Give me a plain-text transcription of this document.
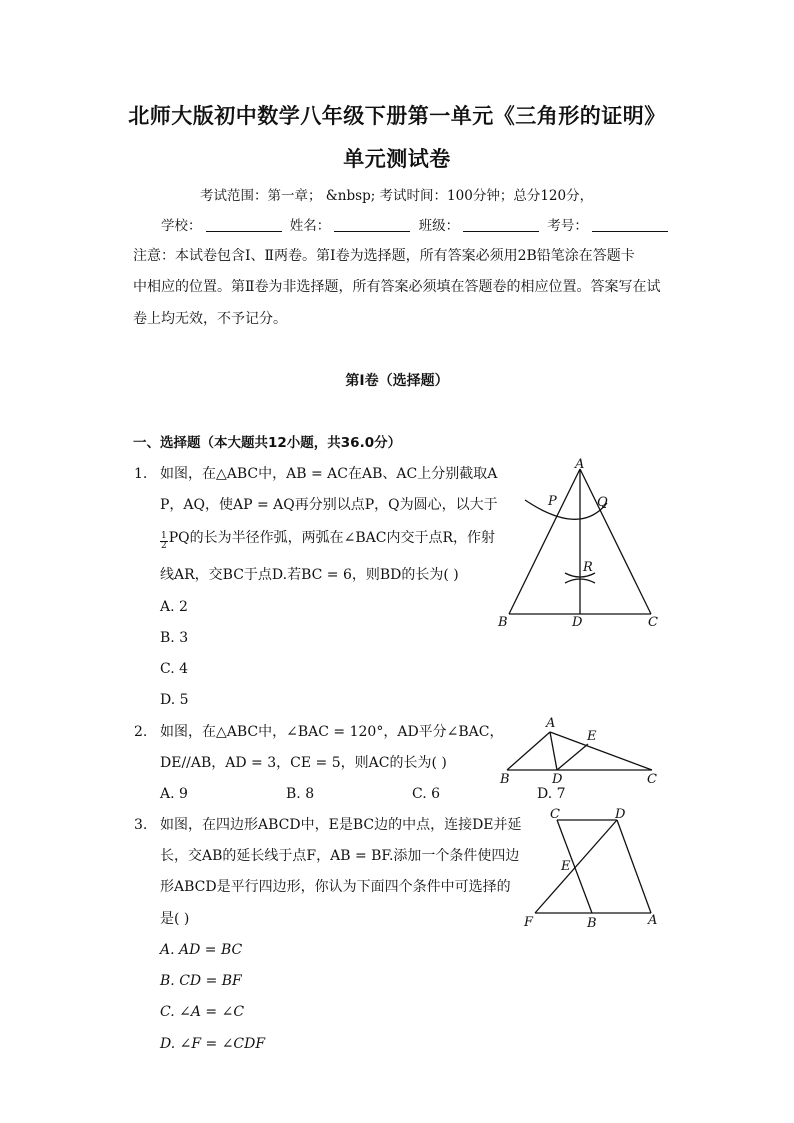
北师大版初中数学八年级下册第一单元《三角形的证明》
单元测试卷
考试范围：第一章； &nbsp; 考试时间：100分钟；总分120分，
学校：	姓名：	班级：	考号：
注意：本试卷包含Ⅰ、Ⅱ两卷。第Ⅰ卷为选择题，所有答案必须用2B铅笔涂在答题卡
中相应的位置。第Ⅱ卷为非选择题，所有答案必须填在答题卷的相应位置。答案写在试
卷上均无效，不予记分。
第Ⅰ卷（选择题）
一、选择题（本大题共12小题，共36.0分）
1. 如图，在△ABC中，AB = AC在AB、AC上分别截取A
P，AQ，使AP = AQ再分别以点P，Q为圆心，以大于
$\frac{1}{2}$ PQ的长为半径作弧，两弧在∠BAC内交于点R，作射
线AR，交BC于点D.若BC = 6，则BD的长为( )
A. 2
B. 3
C. 4
D. 5
A
P	Q
R
B	D	C
2. 如图，在△ABC中，∠BAC = 120°，AD平分∠BAC，
DE//AB，AD = 3，CE = 5，则AC的长为( )
A. 9	B. 8	C. 6	D. 7
A
E
B	D	C
3. 如图，在四边形ABCD中，E是BC边的中点，连接DE并延
长，交AB的延长线于点F，AB = BF.添加一个条件使四边
形ABCD是平行四边形，你认为下面四个条件中可选择的
是( )
A. AD = BC
B. CD = BF
C. ∠A = ∠C
D. ∠F = ∠CDF
C	D
E
F	B	A
